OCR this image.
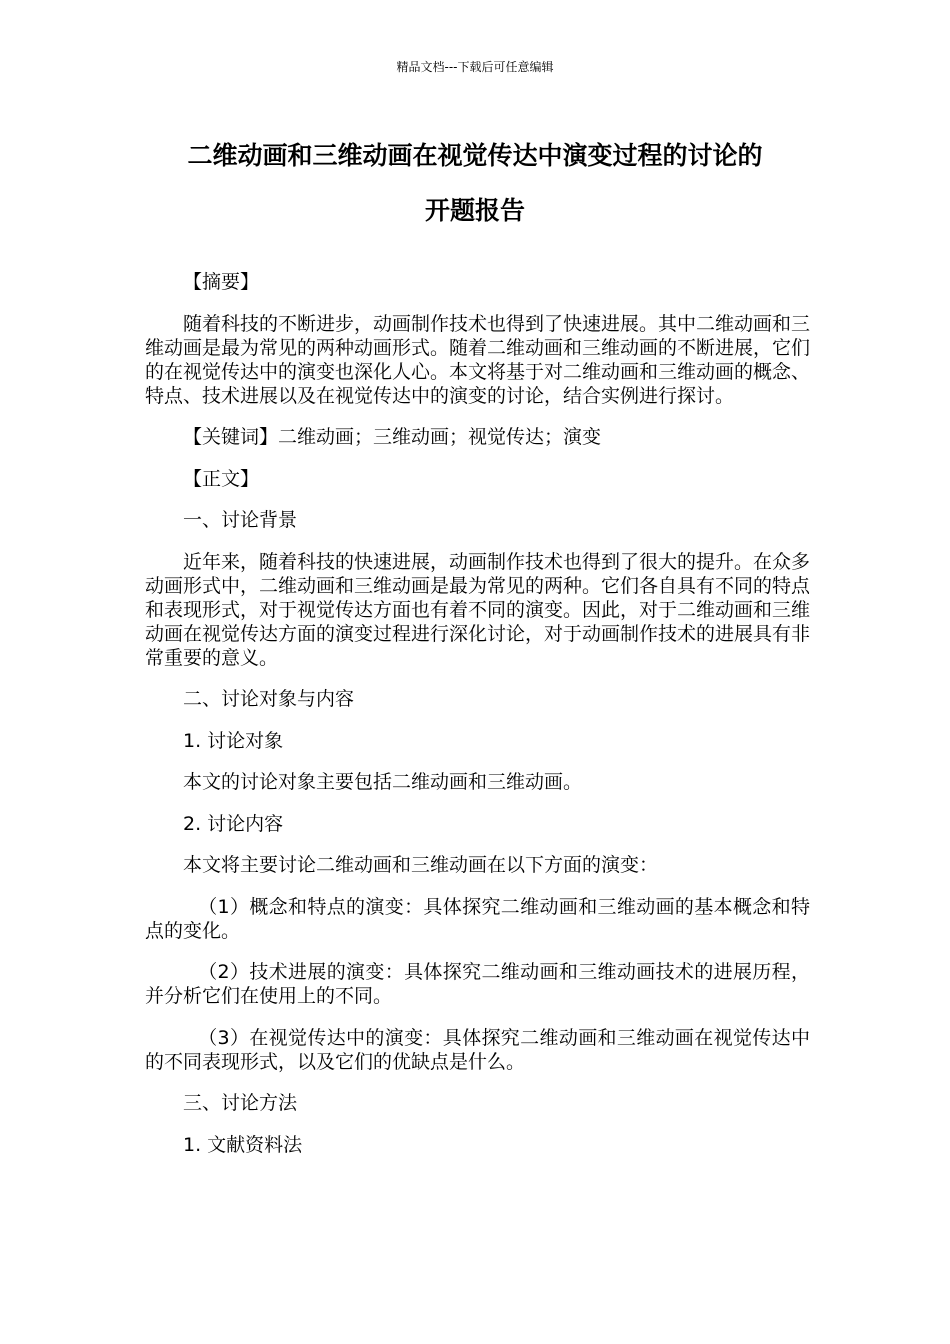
精品文档---下载后可任意编辑
二维动画和三维动画在视觉传达中演变过程的讨论的
开题报告

【摘要】

随着科技的不断进步，动画制作技术也得到了快速进展。其中二维动画和三维动画是最为常见的两种动画形式。随着二维动画和三维动画的不断进展，它们的在视觉传达中的演变也深化人心。本文将基于对二维动画和三维动画的概念、特点、技术进展以及在视觉传达中的演变的讨论，结合实例进行探讨。

【关键词】二维动画；三维动画；视觉传达；演变

【正文】

一、讨论背景

近年来，随着科技的快速进展，动画制作技术也得到了很大的提升。在众多动画形式中，二维动画和三维动画是最为常见的两种。它们各自具有不同的特点和表现形式，对于视觉传达方面也有着不同的演变。因此，对于二维动画和三维动画在视觉传达方面的演变过程进行深化讨论，对于动画制作技术的进展具有非常重要的意义。

二、讨论对象与内容

1. 讨论对象

本文的讨论对象主要包括二维动画和三维动画。

2. 讨论内容

本文将主要讨论二维动画和三维动画在以下方面的演变：

（1）概念和特点的演变：具体探究二维动画和三维动画的基本概念和特点的变化。

（2）技术进展的演变：具体探究二维动画和三维动画技术的进展历程，并分析它们在使用上的不同。

（3）在视觉传达中的演变：具体探究二维动画和三维动画在视觉传达中的不同表现形式，以及它们的优缺点是什么。

三、讨论方法

1. 文献资料法
